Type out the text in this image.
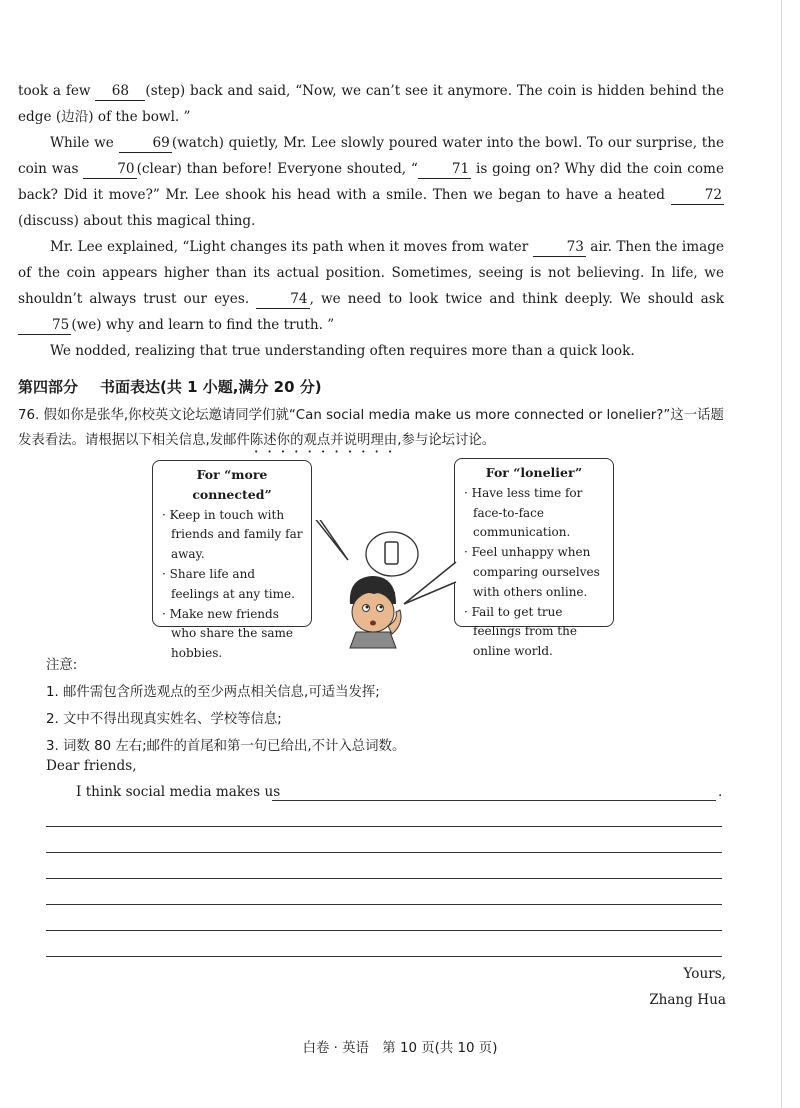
took a few 68 (step) back and said, “Now, we can’t see it anymore. The coin is hidden behind the edge (边沿) of the bowl. ”

While we	69 (watch) quietly, Mr. Lee slowly poured water into the bowl. To our surprise, the coin was	70 (clear) than before! Everyone shouted, “	71 is going on? Why did the coin come back? Did it move?” Mr. Lee shook his head with a smile. Then we began to have a heated	72(discuss) about this magical thing.

Mr. Lee explained, “Light changes its path when it moves from water	73 air. Then the image of the coin appears higher than its actual position. Sometimes, seeing is not believing. In life, we shouldn’t always trust our eyes.	74 , we need to look twice and think deeply. We should ask 75 (we) why and learn to find the truth. ”

We nodded, realizing that true understanding often requires more than a quick look.

第四部分 书面表达(共 1 小题,满分 20 分)
76. 假如你是张华,你校英文论坛邀请同学们就“Can social media make us more connected or lonelier?”这一话题发表看法。请根据以下相关信息,发邮件陈述你的观点并说明理由,参与论坛讨论。
For “more connected”
· Keep in touch with friends and family far away.
· Share life and feelings at any time.
· Make new friends who share the same hobbies.
For “lonelier”
· Have less time for face-to-face communication.
· Feel unhappy when comparing ourselves with others online.
· Fail to get true feelings from the online world.
注意:
1. 邮件需包含所选观点的至少两点相关信息,可适当发挥;
2. 文中不得出现真实姓名、学校等信息;
3. 词数 80 左右;邮件的首尾和第一句已给出,不计入总词数。
Dear friends,
I think social media makes us	.
Yours,
Zhang Hua
白卷 · 英语　第 10 页(共 10 页)
